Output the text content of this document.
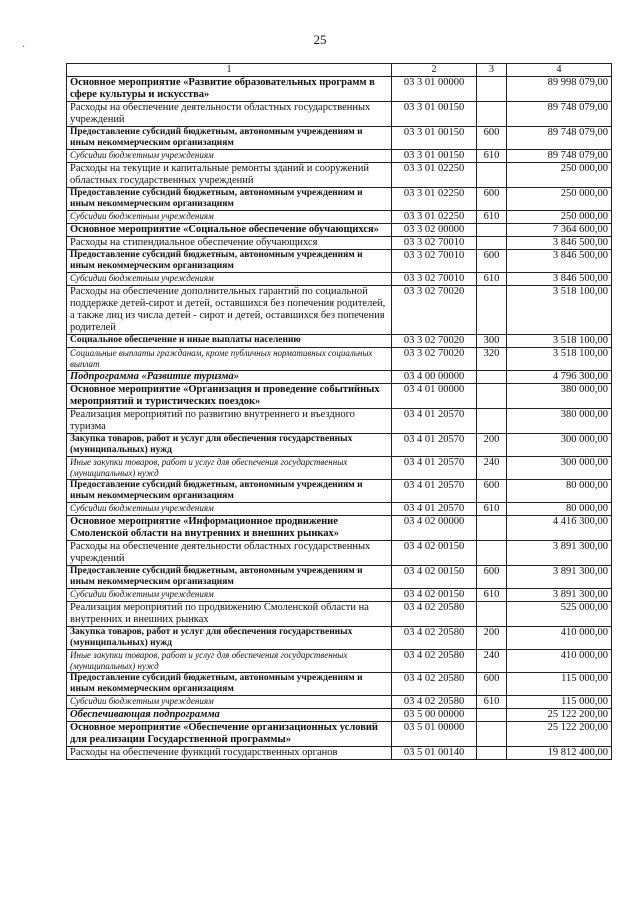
·
25
1	2	3	4
Основное мероприятие «Развитие образовательных программ в сфере культуры и искусства»	03 3 01 00000		89 998 079,00
Расходы на обеспечение деятельности областных государственных учреждений	03 3 01 00150		89 748 079,00
Предоставление субсидий бюджетным, автономным учреждениям и иным некоммерческим организациям	03 3 01 00150	600	89 748 079,00
Субсидии бюджетным учреждениям	03 3 01 00150	610	89 748 079,00
Расходы на текущие и капитальные ремонты зданий и сооружений областных государственных учреждений	03 3 01 02250		250 000,00
Предоставление субсидий бюджетным, автономным учреждениям и иным некоммерческим организациям	03 3 01 02250	600	250 000,00
Субсидии бюджетным учреждениям	03 3 01 02250	610	250 000,00
Основное мероприятие «Социальное обеспечение обучающихся»	03 3 02 00000		7 364 600,00
Расходы на стипендиальное обеспечение обучающихся	03 3 02 70010		3 846 500,00
Предоставление субсидий бюджетным, автономным учреждениям и иным некоммерческим организациям	03 3 02 70010	600	3 846 500,00
Субсидии бюджетным учреждениям	03 3 02 70010	610	3 846 500,00
Расходы на обеспечение дополнительных гарантий по социальной поддержке детей-сирот и детей, оставшихся без попечения родителей, а также лиц из числа детей - сирот и детей, оставшихся без попечения родителей	03 3 02 70020		3 518 100,00
Социальное обеспечение и иные выплаты населению	03 3 02 70020	300	3 518 100,00
Социальные выплаты гражданам, кроме публичных нормативных социальных выплат	03 3 02 70020	320	3 518 100,00
Подпрограмма «Развитие туризма»	03 4 00 00000		4 796 300,00
Основное мероприятие «Организация и проведение событийных мероприятий и туристических поездок»	03 4 01 00000		380 000,00
Реализация мероприятий по развитию внутреннего и въездного туризма	03 4 01 20570		380 000,00
Закупка товаров, работ и услуг для обеспечения государственных (муниципальных) нужд	03 4 01 20570	200	300 000,00
Иные закупки товаров, работ и услуг для обеспечения государственных (муниципальных) нужд	03 4 01 20570	240	300 000,00
Предоставление субсидий бюджетным, автономным учреждениям и иным некоммерческим организациям	03 4 01 20570	600	80 000,00
Субсидии бюджетным учреждениям	03 4 01 20570	610	80 000,00
Основное мероприятие «Информационное продвижение Смоленской области на внутренних и внешних рынках»	03 4 02 00000		4 416 300,00
Расходы на обеспечение деятельности областных государственных учреждений	03 4 02 00150		3 891 300,00
Предоставление субсидий бюджетным, автономным учреждениям и иным некоммерческим организациям	03 4 02 00150	600	3 891 300,00
Субсидии бюджетным учреждениям	03 4 02 00150	610	3 891 300,00
Реализация мероприятий по продвижению Смоленской области на внутренних и внешних рынках	03 4 02 20580		525 000,00
Закупка товаров, работ и услуг для обеспечения государственных (муниципальных) нужд	03 4 02 20580	200	410 000,00
Иные закупки товаров, работ и услуг для обеспечения государственных (муниципальных) нужд	03 4 02 20580	240	410 000,00
Предоставление субсидий бюджетным, автономным учреждениям и иным некоммерческим организациям	03 4 02 20580	600	115 000,00
Субсидии бюджетным учреждениям	03 4 02 20580	610	115 000,00
Обеспечивающая подпрограмма	03 5 00 00000		25 122 200,00
Основное мероприятие «Обеспечение организационных условий для реализации Государственной программы»	03 5 01 00000		25 122 200,00
Расходы на обеспечение функций государственных органов	03 5 01 00140		19 812 400,00
